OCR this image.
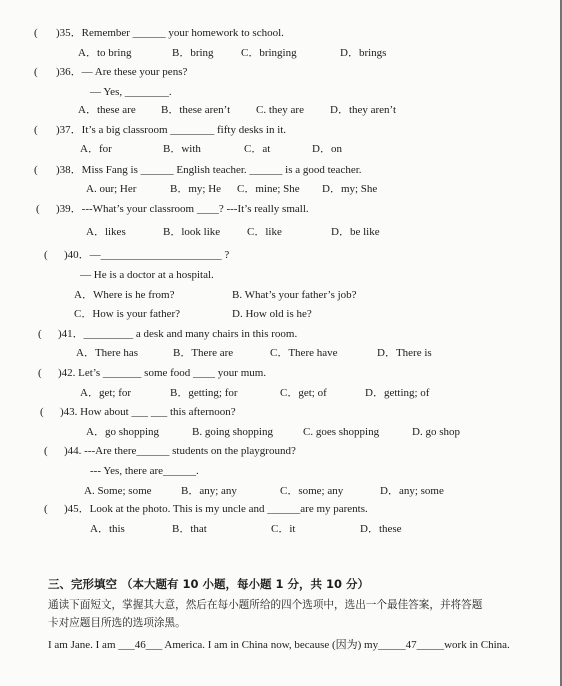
( )35．Remember ______ your homework to school.
A．to bring	B．bring C．bringing	D．brings
( )36．— Are these your pens?
— Yes, ________.
A．these are B．these aren’t C. they are D．they aren’t
( )37．It’s a big classroom ________ fifty desks in it.
A．for	B．with	C．at	D．on
( )38．Miss Fang is ______ English teacher. ______ is a good teacher.
A. our; Her	B．my; He C．mine; She D．my; She
( )39．---What’s your classroom ____? ---It’s really small.
A．likes	B．look like C．like	D．be like
( )40．—______________________ ?
— He is a doctor at a hospital.
A．Where is he from?	B. What’s your father’s job?
C．How is your father?	D. How old is he?
( )41．_________ a desk and many chairs in this room.
A．There has	B．There are	C．There have	D．There is
( )42. Let’s _______ some food ____ your mum.
A．get; for	B．getting; for	C．get; of	D．getting; of
( )43. How about ___ ___ this afternoon?
A．go shopping	B. going shopping	C. goes shopping	D. go shop
( )44. ---Are there______ students on the playground?
--- Yes, there are______.
A. Some; some	B．any; any	C．some; any	D．any; some
( )45．Look at the photo. This is my uncle and ______are my parents.
A．this	B．that	C．it	D．these
三、完形填空 （本大题有 10 小题，每小题 1 分，共 10 分）
通读下面短文，掌握其大意，然后在每小题所给的四个选项中，选出一个最佳答案，并将答题
卡对应题目所选的选项涂黑。
I am Jane. I am ___46___ America. I am in China now, because (因为) my_____47_____work in China.
